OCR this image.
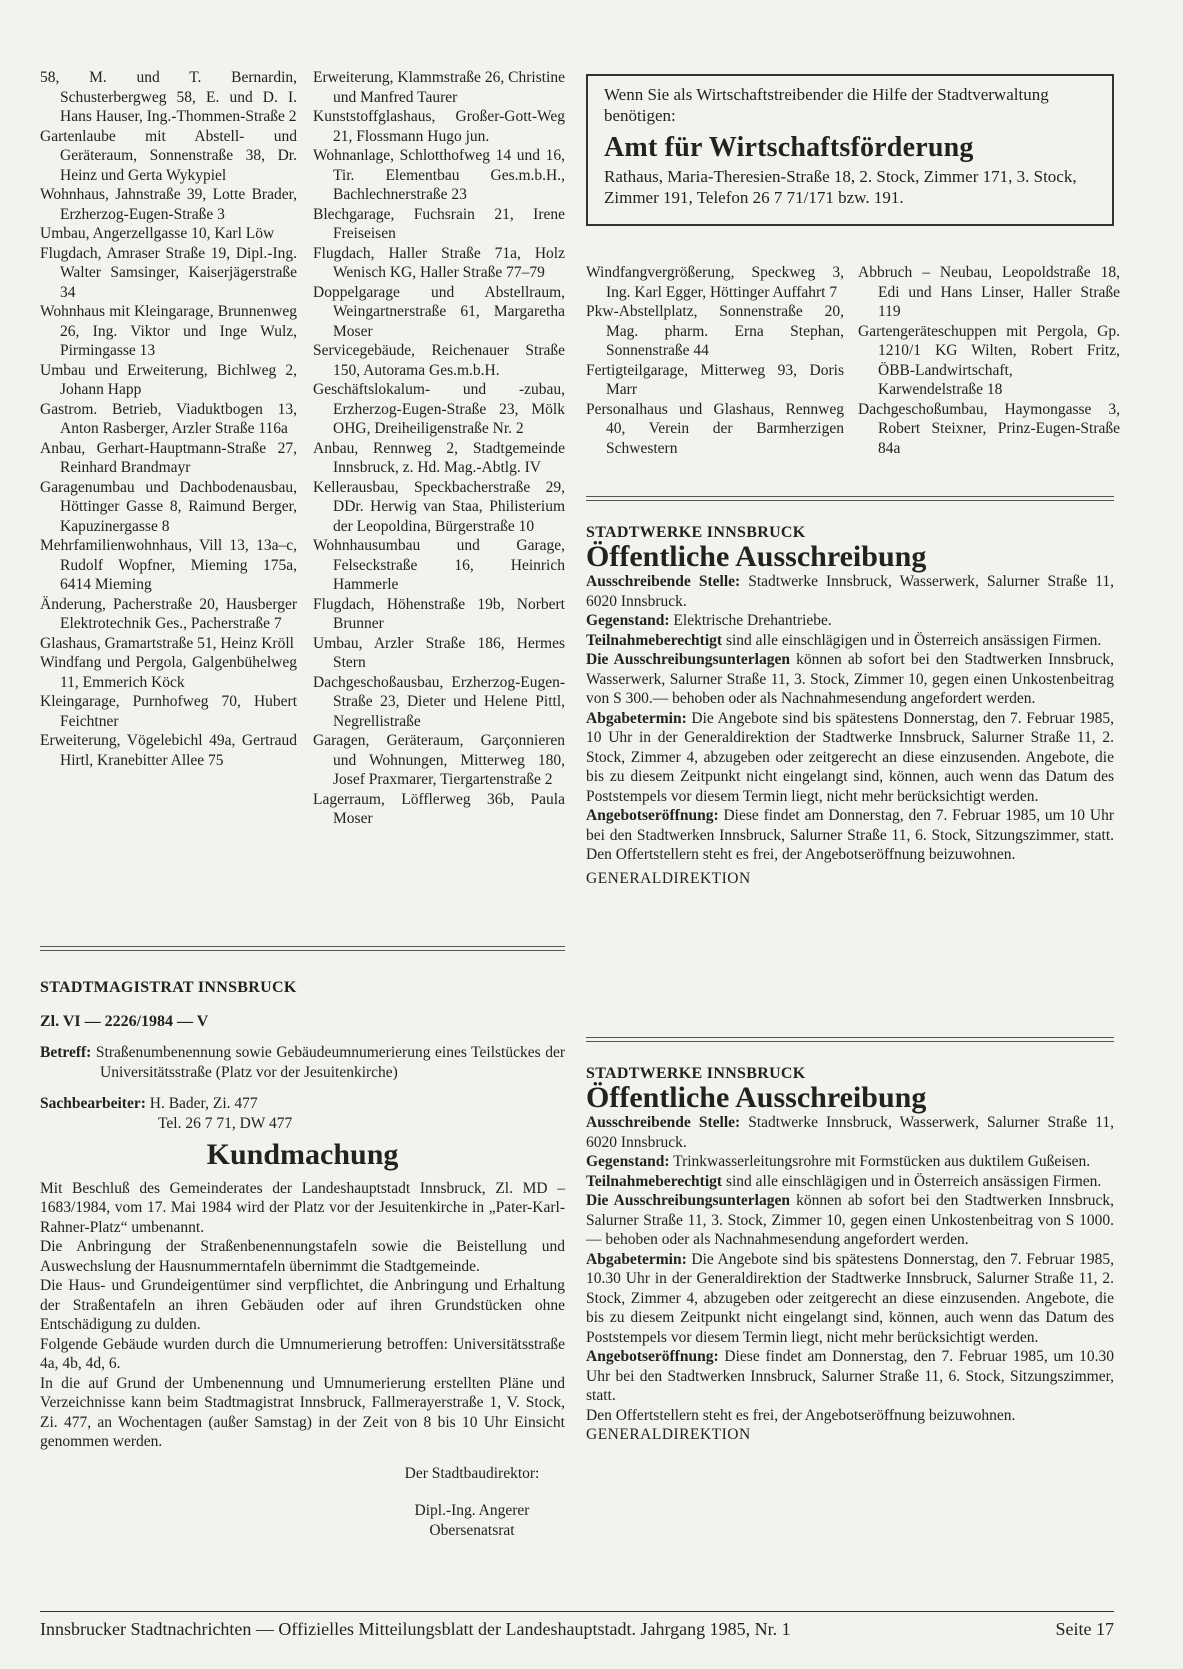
58, M. und T. Bernardin, Schusterbergweg 58, E. und D. I. Hans Hauser, Ing.-Thommen-Straße 2

Gartenlaube mit Abstell- und Geräteraum, Sonnenstraße 38, Dr. Heinz und Gerta Wykypiel

Wohnhaus, Jahnstraße 39, Lotte Brader, Erzherzog-Eugen-Straße 3

Umbau, Angerzellgasse 10, Karl Löw

Flugdach, Amraser Straße 19, Dipl.-Ing. Walter Samsinger, Kaiserjägerstraße 34

Wohnhaus mit Kleingarage, Brunnenweg 26, Ing. Viktor und Inge Wulz, Pirmingasse 13

Umbau und Erweiterung, Bichlweg 2, Johann Happ

Gastrom. Betrieb, Viaduktbogen 13, Anton Rasberger, Arzler Straße 116a

Anbau, Gerhart-Hauptmann-Straße 27, Reinhard Brandmayr

Garagenumbau und Dachbodenausbau, Höttinger Gasse 8, Raimund Berger, Kapuzinergasse 8

Mehrfamilienwohnhaus, Vill 13, 13a–c, Rudolf Wopfner, Mieming 175a, 6414 Mieming

Änderung, Pacherstraße 20, Hausberger Elektrotechnik Ges., Pacherstraße 7

Glashaus, Gramartstraße 51, Heinz Kröll

Windfang und Pergola, Galgenbühelweg 11, Emmerich Köck

Kleingarage, Purnhofweg 70, Hubert Feichtner

Erweiterung, Vögelebichl 49a, Gertraud Hirtl, Kranebitter Allee 75

Erweiterung, Klammstraße 26, Christine und Manfred Taurer

Kunststoffglashaus, Großer-Gott-Weg 21, Flossmann Hugo jun.

Wohnanlage, Schlotthofweg 14 und 16, Tir. Elementbau Ges.m.b.H., Bachlechnerstraße 23

Blechgarage, Fuchsrain 21, Irene Freiseisen

Flugdach, Haller Straße 71a, Holz Wenisch KG, Haller Straße 77–79

Doppelgarage und Abstellraum, Weingartnerstraße 61, Margaretha Moser

Servicegebäude, Reichenauer Straße 150, Autorama Ges.m.b.H.

Geschäftslokalum- und -zubau, Erzherzog-Eugen-Straße 23, Mölk OHG, Dreiheiligenstraße Nr. 2

Anbau, Rennweg 2, Stadtgemeinde Innsbruck, z. Hd. Mag.-Abtlg. IV

Kellerausbau, Speckbacherstraße 29, DDr. Herwig van Staa, Philisterium der Leopoldina, Bürgerstraße 10

Wohnhausumbau und Garage, Felseckstraße 16, Heinrich Hammerle

Flugdach, Höhenstraße 19b, Norbert Brunner

Umbau, Arzler Straße 186, Hermes Stern

Dachgeschoßausbau, Erzherzog-Eugen-Straße 23, Dieter und Helene Pittl, Negrellistraße

Garagen, Geräteraum, Garçonnieren und Wohnungen, Mitterweg 180, Josef Praxmarer, Tiergartenstraße 2

Lagerraum, Löfflerweg 36b, Paula Moser

Wenn Sie als Wirtschaftstreibender die Hilfe der Stadtverwaltung benötigen:

Amt für Wirtschaftsförderung

Rathaus, Maria-Theresien-Straße 18, 2. Stock, Zimmer 171, 3. Stock, Zimmer 191, Telefon 26 7 71/171 bzw. 191.

Windfangvergrößerung, Speckweg 3, Ing. Karl Egger, Höttinger Auffahrt 7

Pkw-Abstellplatz, Sonnenstraße 20, Mag. pharm. Erna Stephan, Sonnenstraße 44

Fertigteilgarage, Mitterweg 93, Doris Marr

Personalhaus und Glashaus, Rennweg 40, Verein der Barmherzigen Schwestern

Abbruch – Neubau, Leopoldstraße 18, Edi und Hans Linser, Haller Straße 119

Gartengeräteschuppen mit Pergola, Gp. 1210/1 KG Wilten, Robert Fritz, ÖBB-Landwirtschaft, Karwendelstraße 18

Dachgeschoßumbau, Haymongasse 3, Robert Steixner, Prinz-Eugen-Straße 84a

STADTWERKE INNSBRUCK
Öffentliche Ausschreibung

Ausschreibende Stelle: Stadtwerke Innsbruck, Wasserwerk, Salurner Straße 11, 6020 Innsbruck.

Gegenstand: Elektrische Drehantriebe.

Teilnahmeberechtigt sind alle einschlägigen und in Österreich ansässigen Firmen.

Die Ausschreibungsunterlagen können ab sofort bei den Stadtwerken Innsbruck, Wasserwerk, Salurner Straße 11, 3. Stock, Zimmer 10, gegen einen Unkostenbeitrag von S 300.— behoben oder als Nachnahmesendung angefordert werden.

Abgabetermin: Die Angebote sind bis spätestens Donnerstag, den 7. Februar 1985, 10 Uhr in der Generaldirektion der Stadtwerke Innsbruck, Salurner Straße 11, 2. Stock, Zimmer 4, abzugeben oder zeitgerecht an diese einzusenden. Angebote, die bis zu diesem Zeitpunkt nicht eingelangt sind, können, auch wenn das Datum des Poststempels vor diesem Termin liegt, nicht mehr berücksichtigt werden.

Angebotseröffnung: Diese findet am Donnerstag, den 7. Februar 1985, um 10 Uhr bei den Stadtwerken Innsbruck, Salurner Straße 11, 6. Stock, Sitzungszimmer, statt. Den Offertstellern steht es frei, der Angebotseröffnung beizuwohnen.

GENERALDIREKTION

STADTWERKE INNSBRUCK
Öffentliche Ausschreibung

Ausschreibende Stelle: Stadtwerke Innsbruck, Wasserwerk, Salurner Straße 11, 6020 Innsbruck.

Gegenstand: Trinkwasserleitungsrohre mit Formstücken aus duktilem Gußeisen.

Teilnahmeberechtigt sind alle einschlägigen und in Österreich ansässigen Firmen.

Die Ausschreibungsunterlagen können ab sofort bei den Stadtwerken Innsbruck, Salurner Straße 11, 3. Stock, Zimmer 10, gegen einen Unkostenbeitrag von S 1000.— behoben oder als Nachnahmesendung angefordert werden.

Abgabetermin: Die Angebote sind bis spätestens Donnerstag, den 7. Februar 1985, 10.30 Uhr in der Generaldirektion der Stadtwerke Innsbruck, Salurner Straße 11, 2. Stock, Zimmer 4, abzugeben oder zeitgerecht an diese einzusenden. Angebote, die bis zu diesem Zeitpunkt nicht eingelangt sind, können, auch wenn das Datum des Poststempels vor diesem Termin liegt, nicht mehr berücksichtigt werden.

Angebotseröffnung: Diese findet am Donnerstag, den 7. Februar 1985, um 10.30 Uhr bei den Stadtwerken Innsbruck, Salurner Straße 11, 6. Stock, Sitzungszimmer, statt.

Den Offertstellern steht es frei, der Angebotseröffnung beizuwohnen.

GENERALDIREKTION

STADTMAGISTRAT INNSBRUCK
Zl. VI — 2226/1984 — V

Betreff: Straßenumbenennung sowie Gebäudeumnumerierung eines Teilstückes der Universitätsstraße (Platz vor der Jesuitenkirche)

Sachbearbeiter: H. Bader, Zi. 477

Tel. 26 7 71, DW 477

Kundmachung

Mit Beschluß des Gemeinderates der Landeshauptstadt Innsbruck, Zl. MD – 1683/1984, vom 17. Mai 1984 wird der Platz vor der Jesuitenkirche in „Pater-Karl-Rahner-Platz“ umbenannt.

Die Anbringung der Straßenbenennungstafeln sowie die Beistellung und Auswechslung der Hausnummerntafeln übernimmt die Stadtgemeinde.

Die Haus- und Grundeigentümer sind verpflichtet, die Anbringung und Erhaltung der Straßentafeln an ihren Gebäuden oder auf ihren Grundstücken ohne Entschädigung zu dulden.

Folgende Gebäude wurden durch die Umnumerierung betroffen: Universitätsstraße 4a, 4b, 4d, 6.

In die auf Grund der Umbenennung und Umnumerierung erstellten Pläne und Verzeichnisse kann beim Stadtmagistrat Innsbruck, Fallmerayerstraße 1, V. Stock, Zi. 477, an Wochentagen (außer Samstag) in der Zeit von 8 bis 10 Uhr Einsicht genommen werden.

Der Stadtbaudirektor:
Dipl.-Ing. Angerer
Obersenatsrat
Innsbrucker Stadtnachrichten — Offizielles Mitteilungsblatt der Landeshauptstadt. Jahrgang 1985, Nr. 1	Seite 17
